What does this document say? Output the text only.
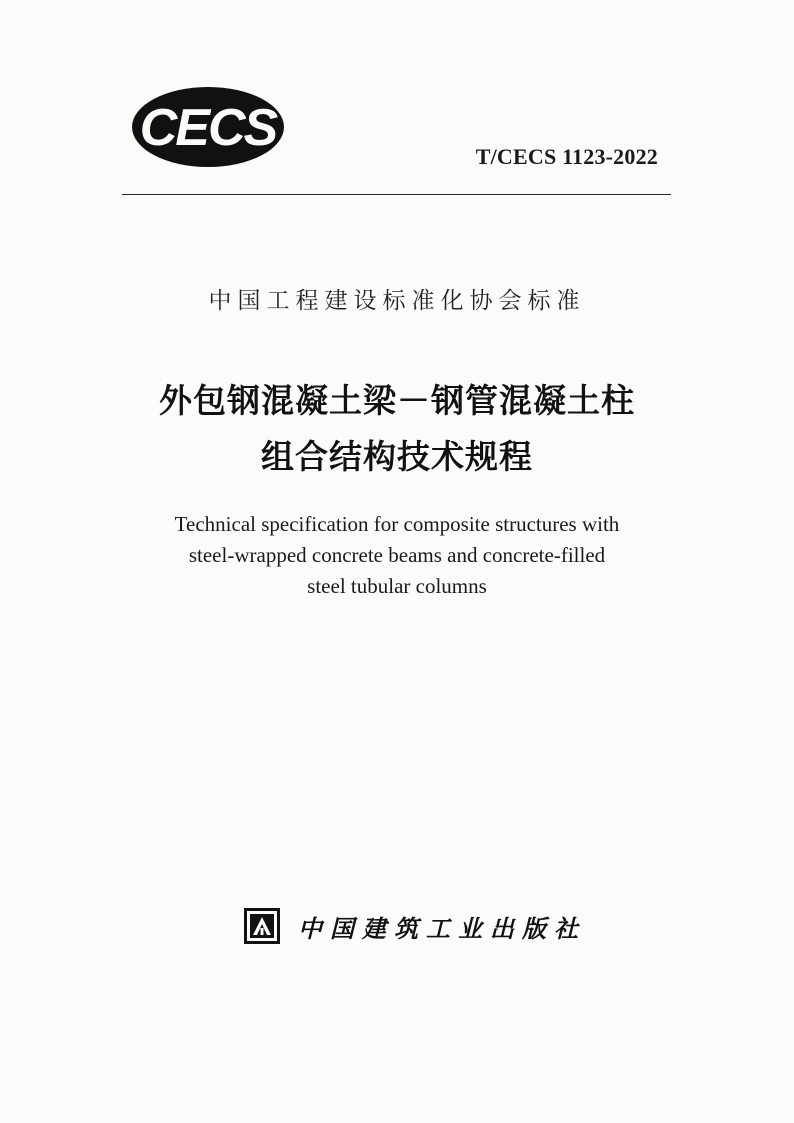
CECS	T/CECS 1123-2022
中国工程建设标准化协会标准
外包钢混凝土梁－钢管混凝土柱
组合结构技术规程
Technical specification for composite structures with
steel-wrapped concrete beams and concrete-filled
steel tubular columns
中国建筑工业出版社
